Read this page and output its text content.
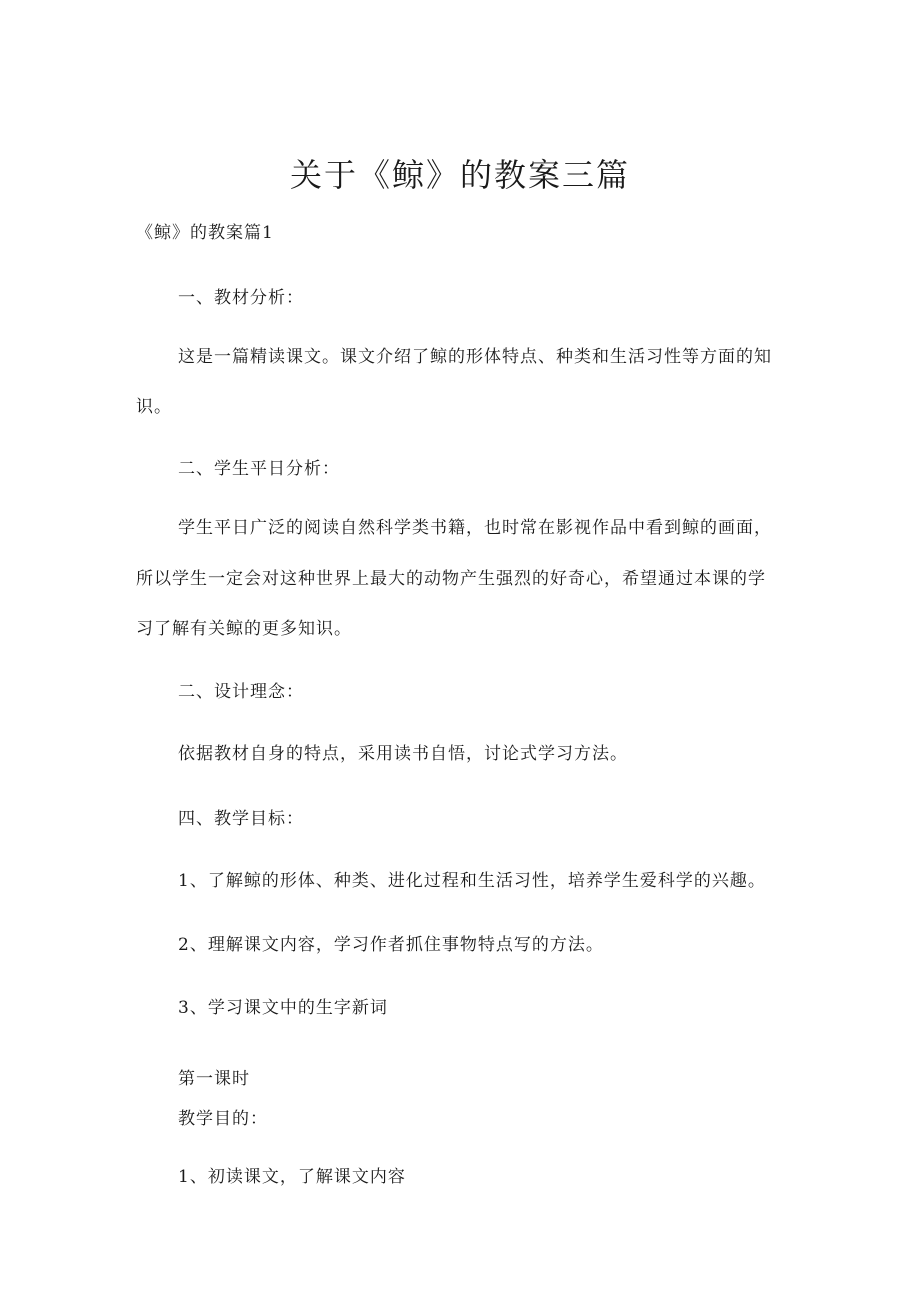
关于《鲸》的教案三篇
《鲸》的教案篇1
一、教材分析：
这是一篇精读课文。课文介绍了鲸的形体特点、种类和生活习性等方面的知
识。
二、学生平日分析：
学生平日广泛的阅读自然科学类书籍，也时常在影视作品中看到鲸的画面，
所以学生一定会对这种世界上最大的动物产生强烈的好奇心，希望通过本课的学
习了解有关鲸的更多知识。
二、设计理念：
依据教材自身的特点，采用读书自悟，讨论式学习方法。
四、教学目标：
1、了解鲸的形体、种类、进化过程和生活习性，培养学生爱科学的兴趣。
2、理解课文内容，学习作者抓住事物特点写的方法。
3、学习课文中的生字新词
第一课时
教学目的：
1、初读课文，了解课文内容
